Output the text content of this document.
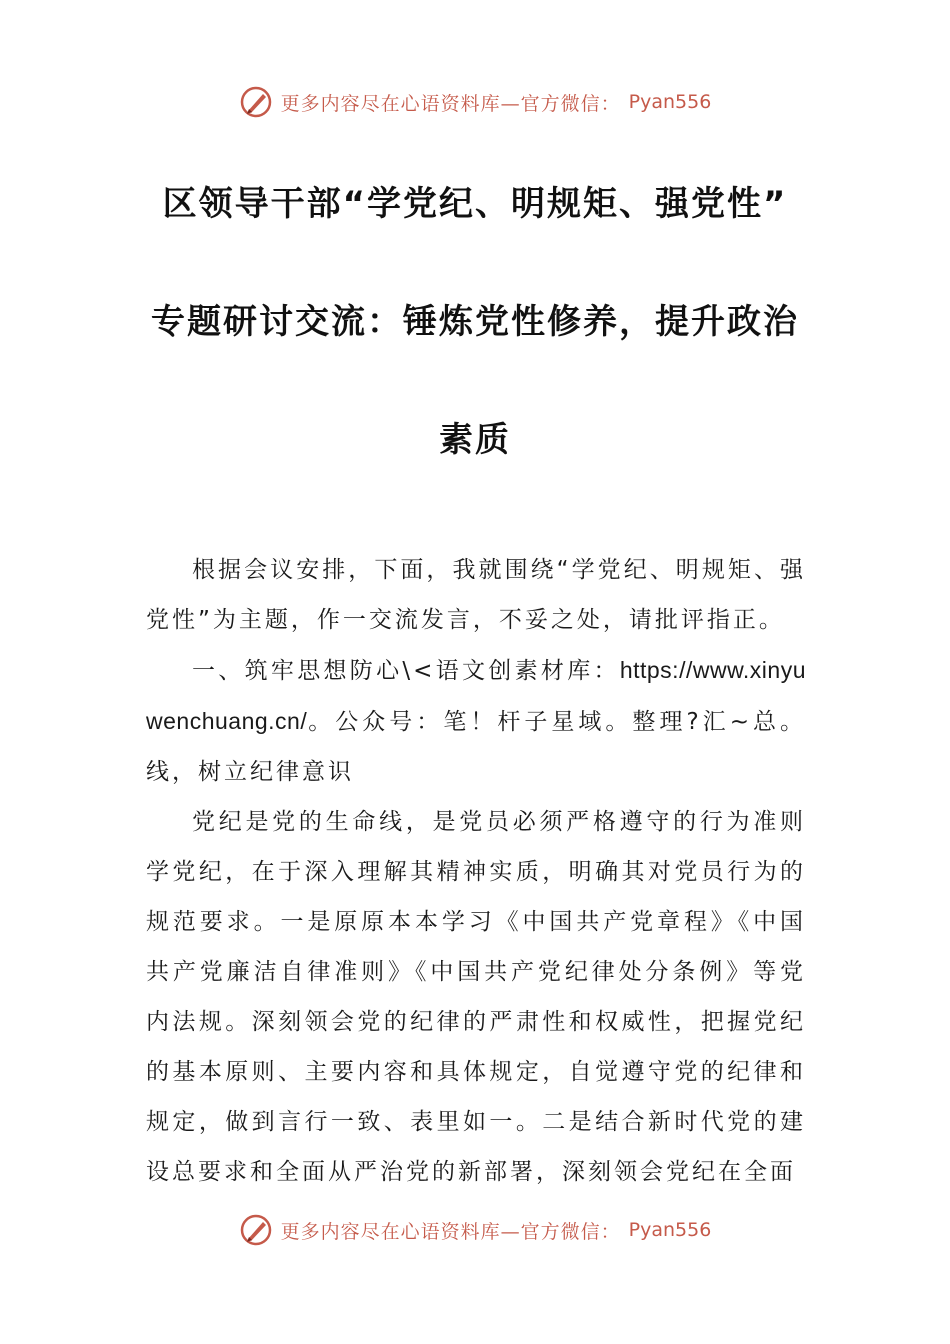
更多内容尽在心语资料库—官方微信： Pyan556
区领导干部“学党纪、明规矩、强党性”
专题研讨交流：锤炼党性修养，提升政治
素质

根据会议安排，下面，我就围绕“学党纪、明规矩、强党性”为主题，作一交流发言，不妥之处，请批评指正。

一、筑牢思想防心\<语文创素材库：https://www.xinyuwenchuang.cn/。公众号：笔！杆子星域。整理?汇~总。线，树立纪律意识

党纪是党的生命线，是党员必须严格遵守的行为准则学党纪，在于深入理解其精神实质，明确其对党员行为的规范要求。一是原原本本学习《中国共产党章程》《中国共产党廉洁自律准则》《中国共产党纪律处分条例》等党内法规。深刻领会党的纪律的严肃性和权威性，把握党纪的基本原则、主要内容和具体规定，自觉遵守党的纪律和规定，做到言行一致、表里如一。二是结合新时代党的建设总要求和全面从严治党的新部署，深刻领会党纪在全面

更多内容尽在心语资料库—官方微信： Pyan556
